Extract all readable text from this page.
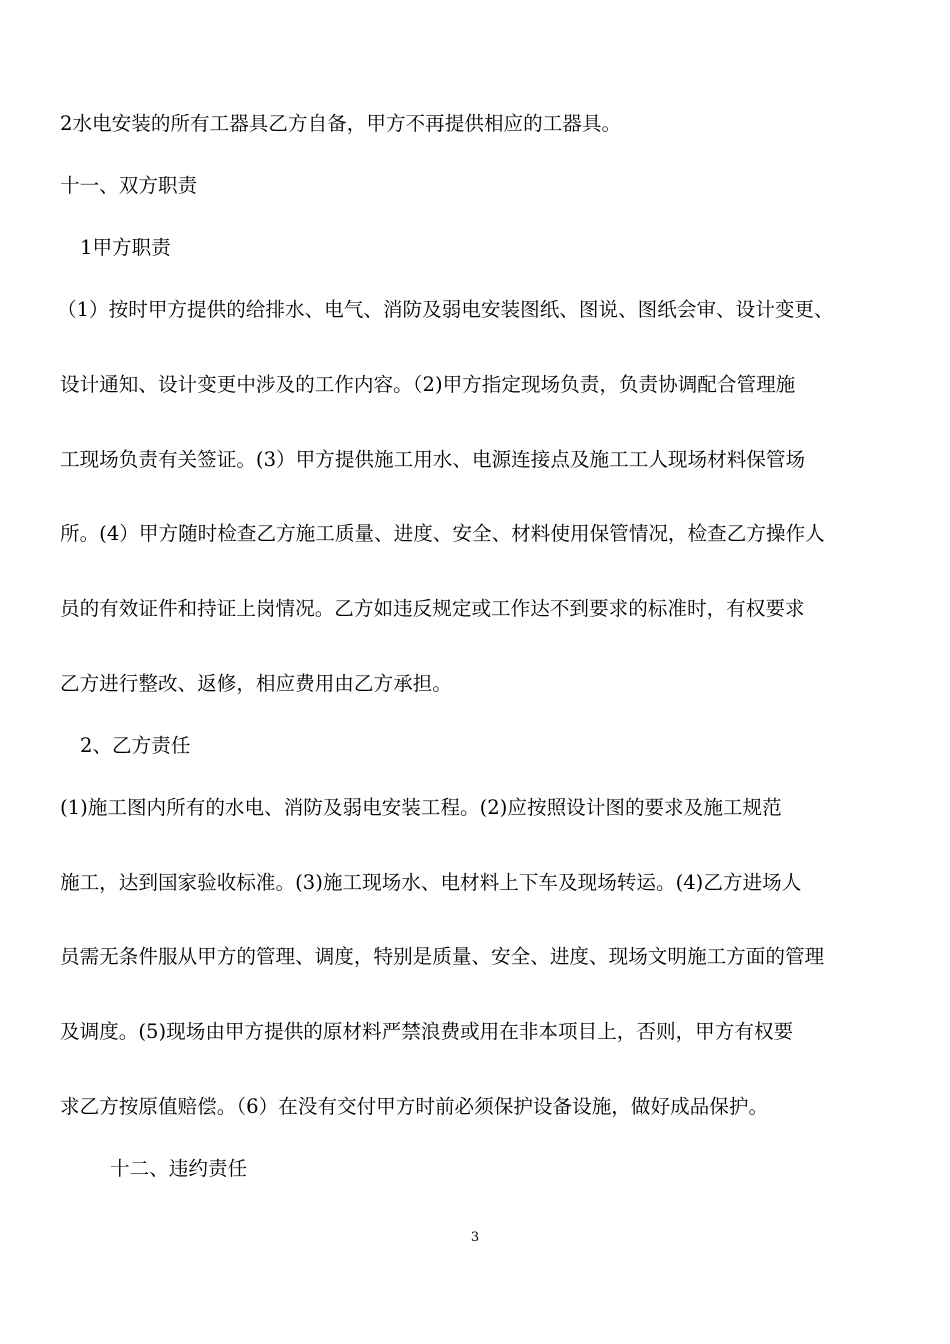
2水电安装的所有工器具乙方自备，甲方不再提供相应的工器具。
十一、双方职责
1甲方职责
（1）按时甲方提供的给排水、电气、消防及弱电安装图纸、图说、图纸会审、设计变更、
设计通知、设计变更中涉及的工作内容。（2)甲方指定现场负责，负责协调配合管理施
工现场负责有关签证。(3）甲方提供施工用水、电源连接点及施工工人现场材料保管场
所。(4）甲方随时检查乙方施工质量、进度、安全、材料使用保管情况，检查乙方操作人
员的有效证件和持证上岗情况。乙方如违反规定或工作达不到要求的标准时，有权要求
乙方进行整改、返修，相应费用由乙方承担。
2、乙方责任
(1)施工图内所有的水电、消防及弱电安装工程。(2)应按照设计图的要求及施工规范
施工，达到国家验收标准。(3)施工现场水、电材料上下车及现场转运。(4)乙方进场人
员需无条件服从甲方的管理、调度，特别是质量、安全、进度、现场文明施工方面的管理
及调度。(5)现场由甲方提供的原材料严禁浪费或用在非本项目上，否则，甲方有权要
求乙方按原值赔偿。（6）在没有交付甲方时前必须保护设备设施，做好成品保护。
十二、违约责任
3
